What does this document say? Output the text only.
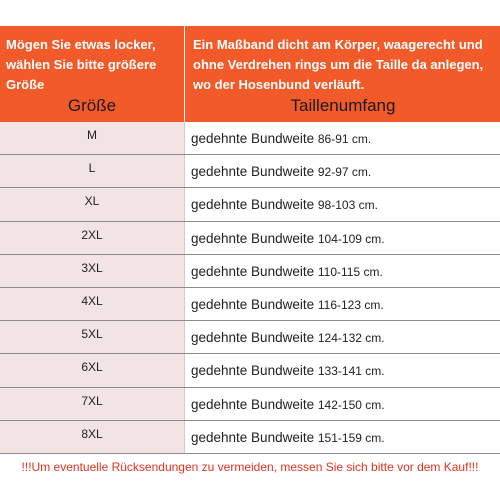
Mögen Sie etwas locker,
wählen Sie bitte größere
Größe
Größe
Ein Maßband dicht am Körper, waagerecht und
ohne Verdrehen rings um die Taille da anlegen,
wo der Hosenbund verläuft.
Taillenumfang
M	gedehnte Bundweite 86-91 cm.
L	gedehnte Bundweite 92-97 cm.
XL	gedehnte Bundweite 98-103 cm.
2XL	gedehnte Bundweite 104-109 cm.
3XL	gedehnte Bundweite 110-115 cm.
4XL	gedehnte Bundweite 116-123 cm.
5XL	gedehnte Bundweite 124-132 cm.
6XL	gedehnte Bundweite 133-141 cm.
7XL	gedehnte Bundweite 142-150 cm.
8XL	gedehnte Bundweite 151-159 cm.
!!!Um eventuelle Rücksendungen zu vermeiden, messen Sie sich bitte vor dem Kauf!!!
